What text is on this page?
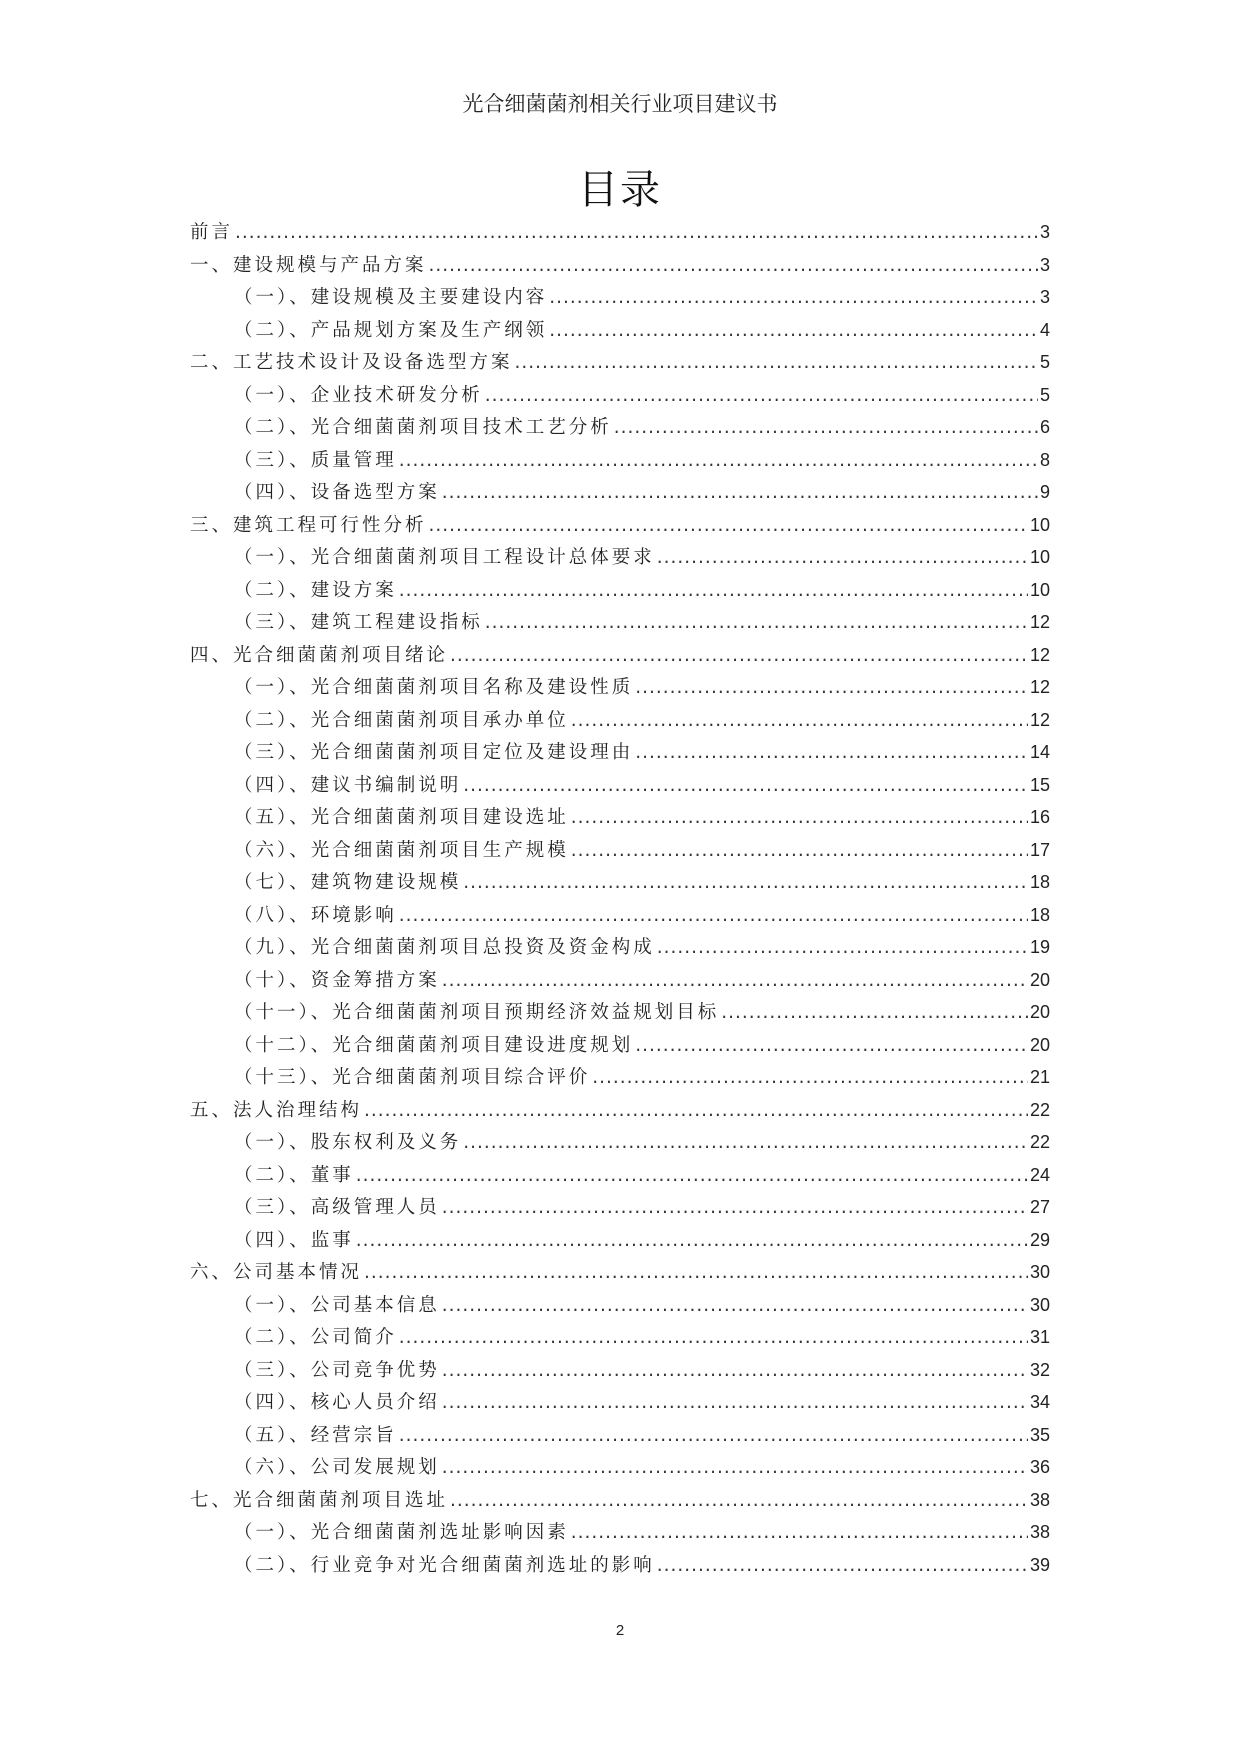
光合细菌菌剂相关行业项目建议书
目录
前言 .....	3
一、建设规模与产品方案 .....	3
（一）、建设规模及主要建设内容 .....	3
（二）、产品规划方案及生产纲领 .....	4
二、工艺技术设计及设备选型方案 .....	5
（一）、企业技术研发分析 .....	5
（二）、光合细菌菌剂项目技术工艺分析 .....	6
（三）、质量管理 .....	8
（四）、设备选型方案 .....	9
三、建筑工程可行性分析 .....	10
（一）、光合细菌菌剂项目工程设计总体要求 .....	10
（二）、建设方案 .....	10
（三）、建筑工程建设指标 .....	12
四、光合细菌菌剂项目绪论 .....	12
（一）、光合细菌菌剂项目名称及建设性质 .....	12
（二）、光合细菌菌剂项目承办单位 .....	12
（三）、光合细菌菌剂项目定位及建设理由 .....	14
（四）、建议书编制说明 .....	15
（五）、光合细菌菌剂项目建设选址 .....	16
（六）、光合细菌菌剂项目生产规模 .....	17
（七）、建筑物建设规模 .....	18
（八）、环境影响 .....	18
（九）、光合细菌菌剂项目总投资及资金构成 .....	19
（十）、资金筹措方案 .....	20
（十一）、光合细菌菌剂项目预期经济效益规划目标 .....	20
（十二）、光合细菌菌剂项目建设进度规划 .....	20
（十三）、光合细菌菌剂项目综合评价 .....	21
五、法人治理结构 .....	22
（一）、股东权利及义务 .....	22
（二）、董事 .....	24
（三）、高级管理人员 .....	27
（四）、监事 .....	29
六、公司基本情况 .....	30
（一）、公司基本信息 .....	30
（二）、公司简介 .....	31
（三）、公司竞争优势 .....	32
（四）、核心人员介绍 .....	34
（五）、经营宗旨 .....	35
（六）、公司发展规划 .....	36
七、光合细菌菌剂项目选址 .....	38
（一）、光合细菌菌剂选址影响因素 .....	38
（二）、行业竞争对光合细菌菌剂选址的影响 .....	39
2
